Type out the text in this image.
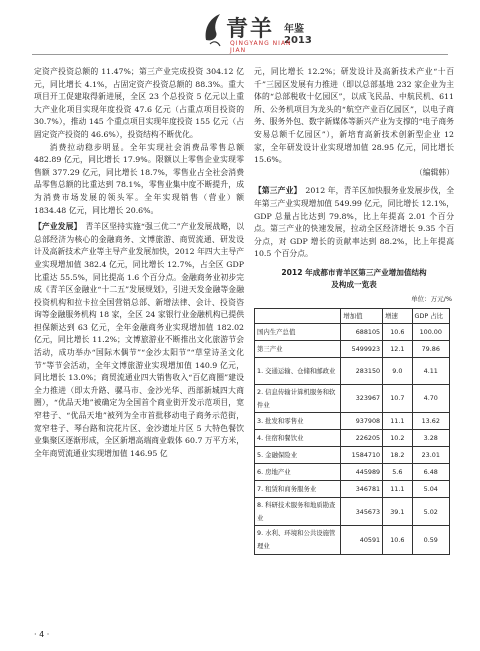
青羊 年鉴 2013
QINGYANG NIAN JIAN

定资产投资总额的 11.47%；第三产业完成投资 304.12 亿元，同比增长 4.1%，占固定资产投资总额的 88.3%。重大项目开工促建取得新进展，全区 23 个总投资 5 亿元以上重大产业化项目实现年度投资 47.6 亿元（占重点项目投资的 30.7%），推动 145 个重点项目实现年度投资 155 亿元（占固定资产投资的 46.6%），投资结构不断优化。

消费拉动稳步明显。全年实现社会消费品零售总额 482.89 亿元，同比增长 17.9%。限额以上零售企业实现零售额 377.29 亿元，同比增长 18.7%，零售业占全社会消费品零售总额的比重达到 78.1%，零售业集中度不断提升，成为消费市场发展的领头军。全年实现销售（营业）额 1834.48 亿元，同比增长 20.6%。

【产业发展】　 青羊区坚持实施“强三优二”产业发展战略，以总部经济为核心的金融商务、文博旅游、商贸流通、研发设计及高新技术产业等主导产业发展加快，2012 年四大主导产业实现增加值 382.4 亿元，同比增长 12.7%，占全区 GDP 比重达 55.5%，同比提高 1.6 个百分点。金融商务业初步完成《青羊区金融业“十二五”发展规划》，引进天发金融等金融投资机构和拉卡拉全国营销总部、新增法律、会计、投资咨询等金融服务机构 18 家，全区 24 家银行业金融机构已提供担保额达到 63 亿元，全年金融商务业实现增加值 182.02 亿元，同比增长 11.2%；文博旅游业不断推出文化旅游节会活动，成功举办“国际木偶节”“金沙太阳节”“草堂诗圣文化节”等节会活动，全年文博旅游业实现增加值 140.9 亿元，同比增长 13.0%；商贸流通业四大销售收入“百亿商圈”建设全力推进（即太升路、骡马市、金沙光华、西部新城四大商圈），“优品天地”被确定为全国首个商业街开发示范项目，宽窄巷子、“优品天地”被列为全市首批移动电子商务示范街，宽窄巷子、琴台路和浣花片区、金沙遗址片区 5 大特色餐饮业集聚区逐渐形成，全区新增高端商业载体 60.7 万平方米，全年商贸流通业实现增加值 146.95 亿

元，同比增长 12.2%；研发设计及高新技术产业“十百千”三园区发展有力推进（即以总部基地 232 家企业为主体的“总部税收十亿园区”，以成飞民品、中航民机、611 所、公务机项目为龙头的“航空产业百亿园区”，以电子商务、服务外包、数字新媒体等新兴产业为支撑的“电子商务安易总额千亿园区”），新培育高新技术创新型企业 12 家，全年研发设计业实现增加值 28.95 亿元，同比增长 15.6%。

（编辑韩）

【第三产业】　 2012 年，青羊区加快服务业发展步伐，全年第三产业实现增加值 549.99 亿元，同比增长 12.1%，GDP 总量占比达到 79.8%，比上年提高 2.01 个百分点。第三产业的快速发展，拉动全区经济增长 9.35 个百分点，对 GDP 增长的贡献率达到 88.2%，比上年提高 10.5 个百分点。

2012 年成都市青羊区第三产业增加值结构
及构成一览表
单位：万元/%
	增加值	增速	GDP 占比
国内生产总值	688105	10.6	100.00
第三产业	5499923	12.1	79.86
1. 交通运输、仓储和邮政业	283150	9.0	4.11
2. 信息传输计算机服务和软件业	323967	10.7	4.70
3. 批发和零售业	937908	11.1	13.62
4. 住宿和餐饮业	226205	10.2	3.28
5. 金融保险业	1584710	18.2	23.01
6. 房地产业	445989	5.6	6.48
7. 租赁和商务服务业	346781	11.1	5.04
8. 科研技术服务和地质勘查业	345673	39.1	5.02
9. 水利、环境和公共设施管理业	40591	10.6	0.59
· 4 ·
